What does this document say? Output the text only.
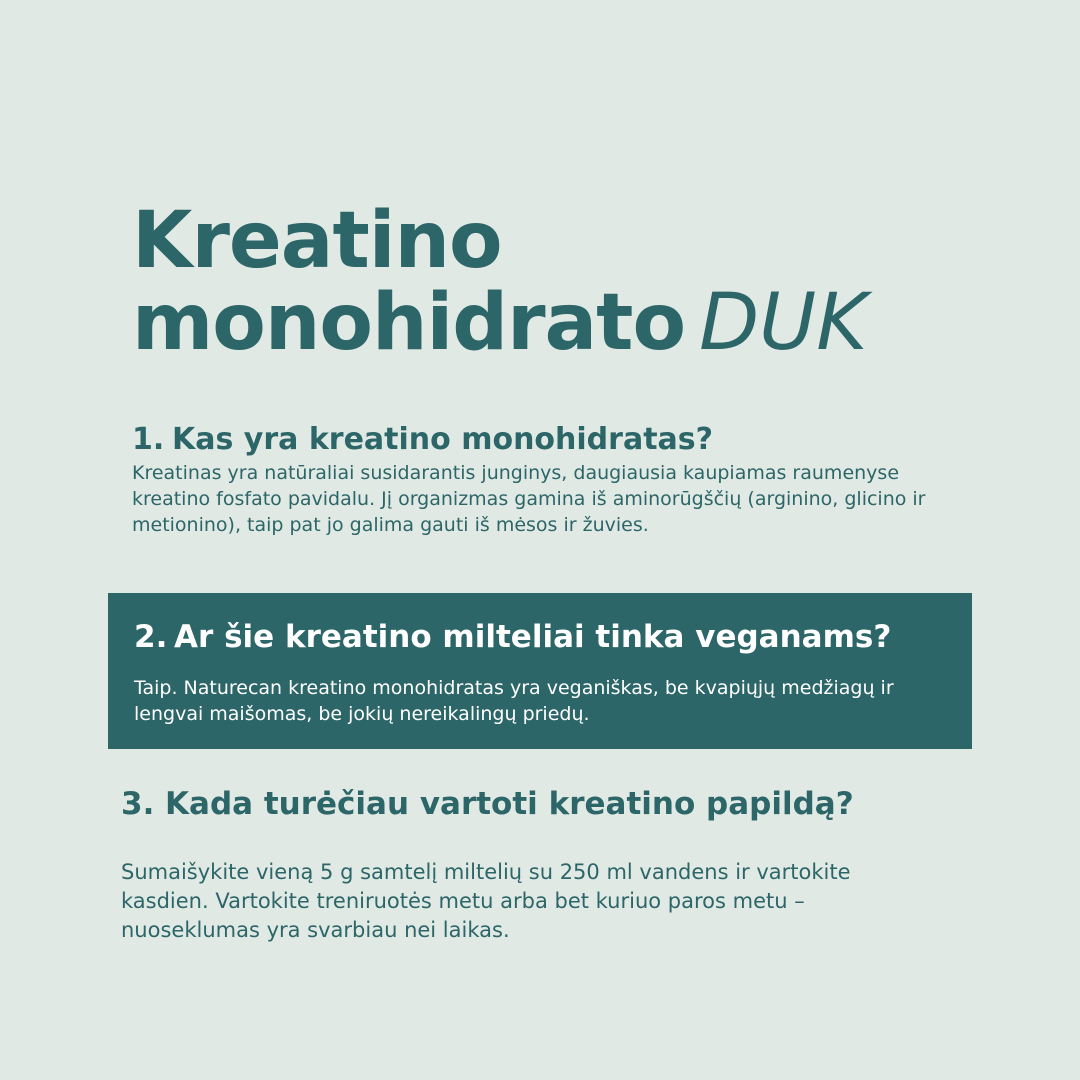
Kreatino
monohidrato DUK
1. Kas yra kreatino monohidratas?

Kreatinas yra natūraliai susidarantis junginys, daugiausia kaupiamas raumenyse kreatino fosfato pavidalu. Jį organizmas gamina iš aminorūgščių (arginino, glicino ir metionino), taip pat jo galima gauti iš mėsos ir žuvies.

2. Ar šie kreatino milteliai tinka veganams?

Taip. Naturecan kreatino monohidratas yra veganiškas, be kvapiųjų medžiagų ir lengvai maišomas, be jokių nereikalingų priedų.

3. Kada turėčiau vartoti kreatino papildą?

Sumaišykite vieną 5 g samtelį miltelių su 250 ml vandens ir vartokite kasdien. Vartokite treniruotės metu arba bet kuriuo paros metu – nuoseklumas yra svarbiau nei laikas.
